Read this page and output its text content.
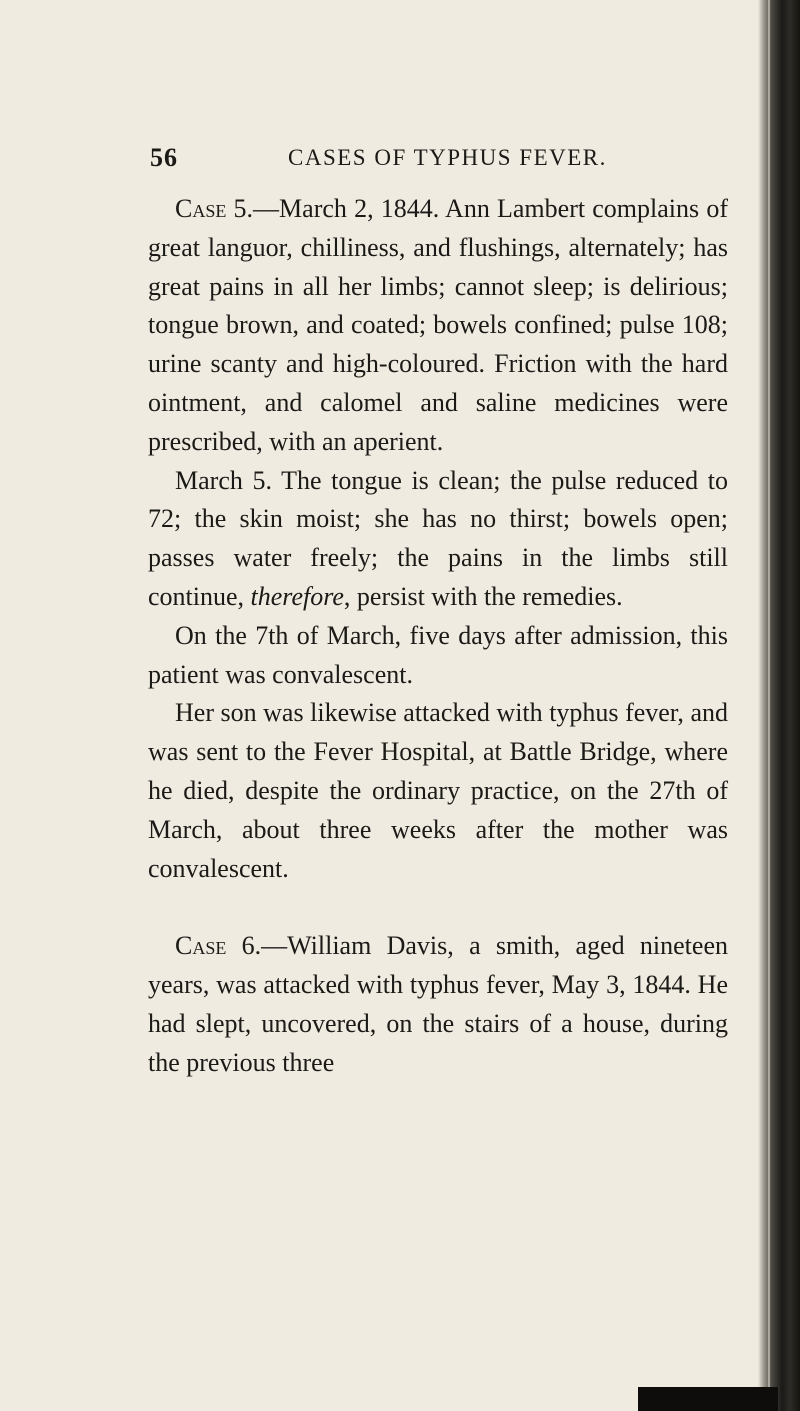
56	CASES OF TYPHUS FEVER.

Case 5.—March 2, 1844. Ann Lambert complains of great languor, chilliness, and flushings, alternately; has great pains in all her limbs; cannot sleep; is delirious; tongue brown, and coated; bowels confined; pulse 108; urine scanty and high-coloured. Friction with the hard ointment, and calomel and saline medicines were prescribed, with an aperient.

March 5. The tongue is clean; the pulse reduced to 72; the skin moist; she has no thirst; bowels open; passes water freely; the pains in the limbs still continue, therefore, persist with the remedies.

On the 7th of March, five days after admission, this patient was convalescent.

Her son was likewise attacked with typhus fever, and was sent to the Fever Hospital, at Battle Bridge, where he died, despite the ordinary practice, on the 27th of March, about three weeks after the mother was convalescent.

Case 6.—William Davis, a smith, aged nineteen years, was attacked with typhus fever, May 3, 1844. He had slept, uncovered, on the stairs of a house, during the previous three
